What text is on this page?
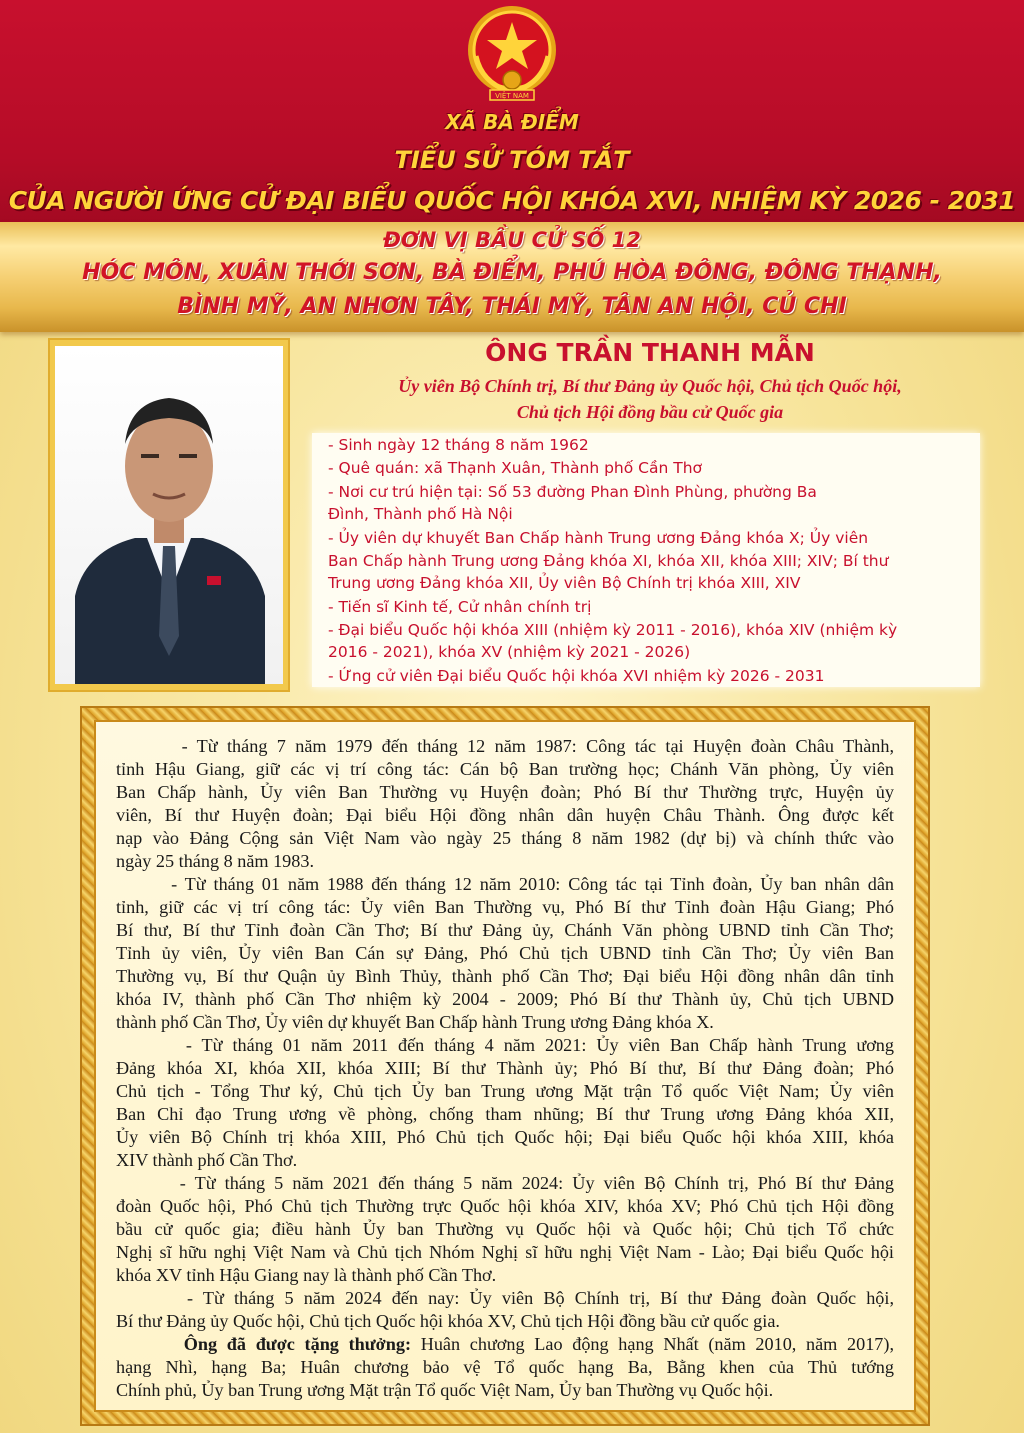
VIỆT NAM
XÃ BÀ ĐIỂM
TIỂU SỬ TÓM TẮT
CỦA NGƯỜI ỨNG CỬ ĐẠI BIỂU QUỐC HỘI KHÓA XVI, NHIỆM KỲ 2026 - 2031
ĐƠN VỊ BẦU CỬ SỐ 12
HÓC MÔN, XUÂN THỚI SƠN, BÀ ĐIỂM, PHÚ HÒA ĐÔNG, ĐÔNG THẠNH,
BÌNH MỸ, AN NHƠN TÂY, THÁI MỸ, TÂN AN HỘI, CỦ CHI
ÔNG TRẦN THANH MẪN
Ủy viên Bộ Chính trị, Bí thư Đảng ủy Quốc hội, Chủ tịch Quốc hội,
Chủ tịch Hội đồng bầu cử Quốc gia
- Sinh ngày 12 tháng 8 năm 1962
- Quê quán: xã Thạnh Xuân, Thành phố Cần Thơ
- Nơi cư trú hiện tại: Số 53 đường Phan Đình Phùng, phường Ba
Đình, Thành phố Hà Nội
- Ủy viên dự khuyết Ban Chấp hành Trung ương Đảng khóa X; Ủy viên
Ban Chấp hành Trung ương Đảng khóa XI, khóa XII, khóa XIII; XIV; Bí thư
Trung ương Đảng khóa XII, Ủy viên Bộ Chính trị khóa XIII, XIV
- Tiến sĩ Kinh tế, Cử nhân chính trị
- Đại biểu Quốc hội khóa XIII (nhiệm kỳ 2011 - 2016), khóa XIV (nhiệm kỳ
2016 - 2021), khóa XV (nhiệm kỳ 2021 - 2026)
- Ứng cử viên Đại biểu Quốc hội khóa XVI nhiệm kỳ 2026 - 2031
- Từ tháng 7 năm 1979 đến tháng 12 năm 1987: Công tác tại Huyện đoàn Châu Thành,
tỉnh Hậu Giang, giữ các vị trí công tác: Cán bộ Ban trường học; Chánh Văn phòng, Ủy viên
Ban Chấp hành, Ủy viên Ban Thường vụ Huyện đoàn; Phó Bí thư Thường trực, Huyện ủy
viên, Bí thư Huyện đoàn; Đại biểu Hội đồng nhân dân huyện Châu Thành. Ông được kết
nạp vào Đảng Cộng sản Việt Nam vào ngày 25 tháng 8 năm 1982 (dự bị) và chính thức vào
ngày 25 tháng 8 năm 1983.
- Từ tháng 01 năm 1988 đến tháng 12 năm 2010: Công tác tại Tỉnh đoàn, Ủy ban nhân dân
tỉnh, giữ các vị trí công tác: Ủy viên Ban Thường vụ, Phó Bí thư Tỉnh đoàn Hậu Giang; Phó
Bí thư, Bí thư Tỉnh đoàn Cần Thơ; Bí thư Đảng ủy, Chánh Văn phòng UBND tỉnh Cần Thơ;
Tỉnh ủy viên, Ủy viên Ban Cán sự Đảng, Phó Chủ tịch UBND tỉnh Cần Thơ; Ủy viên Ban
Thường vụ, Bí thư Quận ủy Bình Thủy, thành phố Cần Thơ; Đại biểu Hội đồng nhân dân tỉnh
khóa IV, thành phố Cần Thơ nhiệm kỳ 2004 - 2009; Phó Bí thư Thành ủy, Chủ tịch UBND
thành phố Cần Thơ, Ủy viên dự khuyết Ban Chấp hành Trung ương Đảng khóa X.
- Từ tháng 01 năm 2011 đến tháng 4 năm 2021: Ủy viên Ban Chấp hành Trung ương
Đảng khóa XI, khóa XII, khóa XIII; Bí thư Thành ủy; Phó Bí thư, Bí thư Đảng đoàn; Phó
Chủ tịch - Tổng Thư ký, Chủ tịch Ủy ban Trung ương Mặt trận Tổ quốc Việt Nam; Ủy viên
Ban Chỉ đạo Trung ương về phòng, chống tham nhũng; Bí thư Trung ương Đảng khóa XII,
Ủy viên Bộ Chính trị khóa XIII, Phó Chủ tịch Quốc hội; Đại biểu Quốc hội khóa XIII, khóa
XIV thành phố Cần Thơ.
- Từ tháng 5 năm 2021 đến tháng 5 năm 2024: Ủy viên Bộ Chính trị, Phó Bí thư Đảng
đoàn Quốc hội, Phó Chủ tịch Thường trực Quốc hội khóa XIV, khóa XV; Phó Chủ tịch Hội đồng
bầu cử quốc gia; điều hành Ủy ban Thường vụ Quốc hội và Quốc hội; Chủ tịch Tổ chức
Nghị sĩ hữu nghị Việt Nam và Chủ tịch Nhóm Nghị sĩ hữu nghị Việt Nam - Lào; Đại biểu Quốc hội
khóa XV tỉnh Hậu Giang nay là thành phố Cần Thơ.
- Từ tháng 5 năm 2024 đến nay: Ủy viên Bộ Chính trị, Bí thư Đảng đoàn Quốc hội,
Bí thư Đảng ủy Quốc hội, Chủ tịch Quốc hội khóa XV, Chủ tịch Hội đồng bầu cử quốc gia.
Ông đã được tặng thưởng: Huân chương Lao động hạng Nhất (năm 2010, năm 2017),
hạng Nhì, hạng Ba; Huân chương bảo vệ Tổ quốc hạng Ba, Bằng khen của Thủ tướng
Chính phủ, Ủy ban Trung ương Mặt trận Tổ quốc Việt Nam, Ủy ban Thường vụ Quốc hội.
